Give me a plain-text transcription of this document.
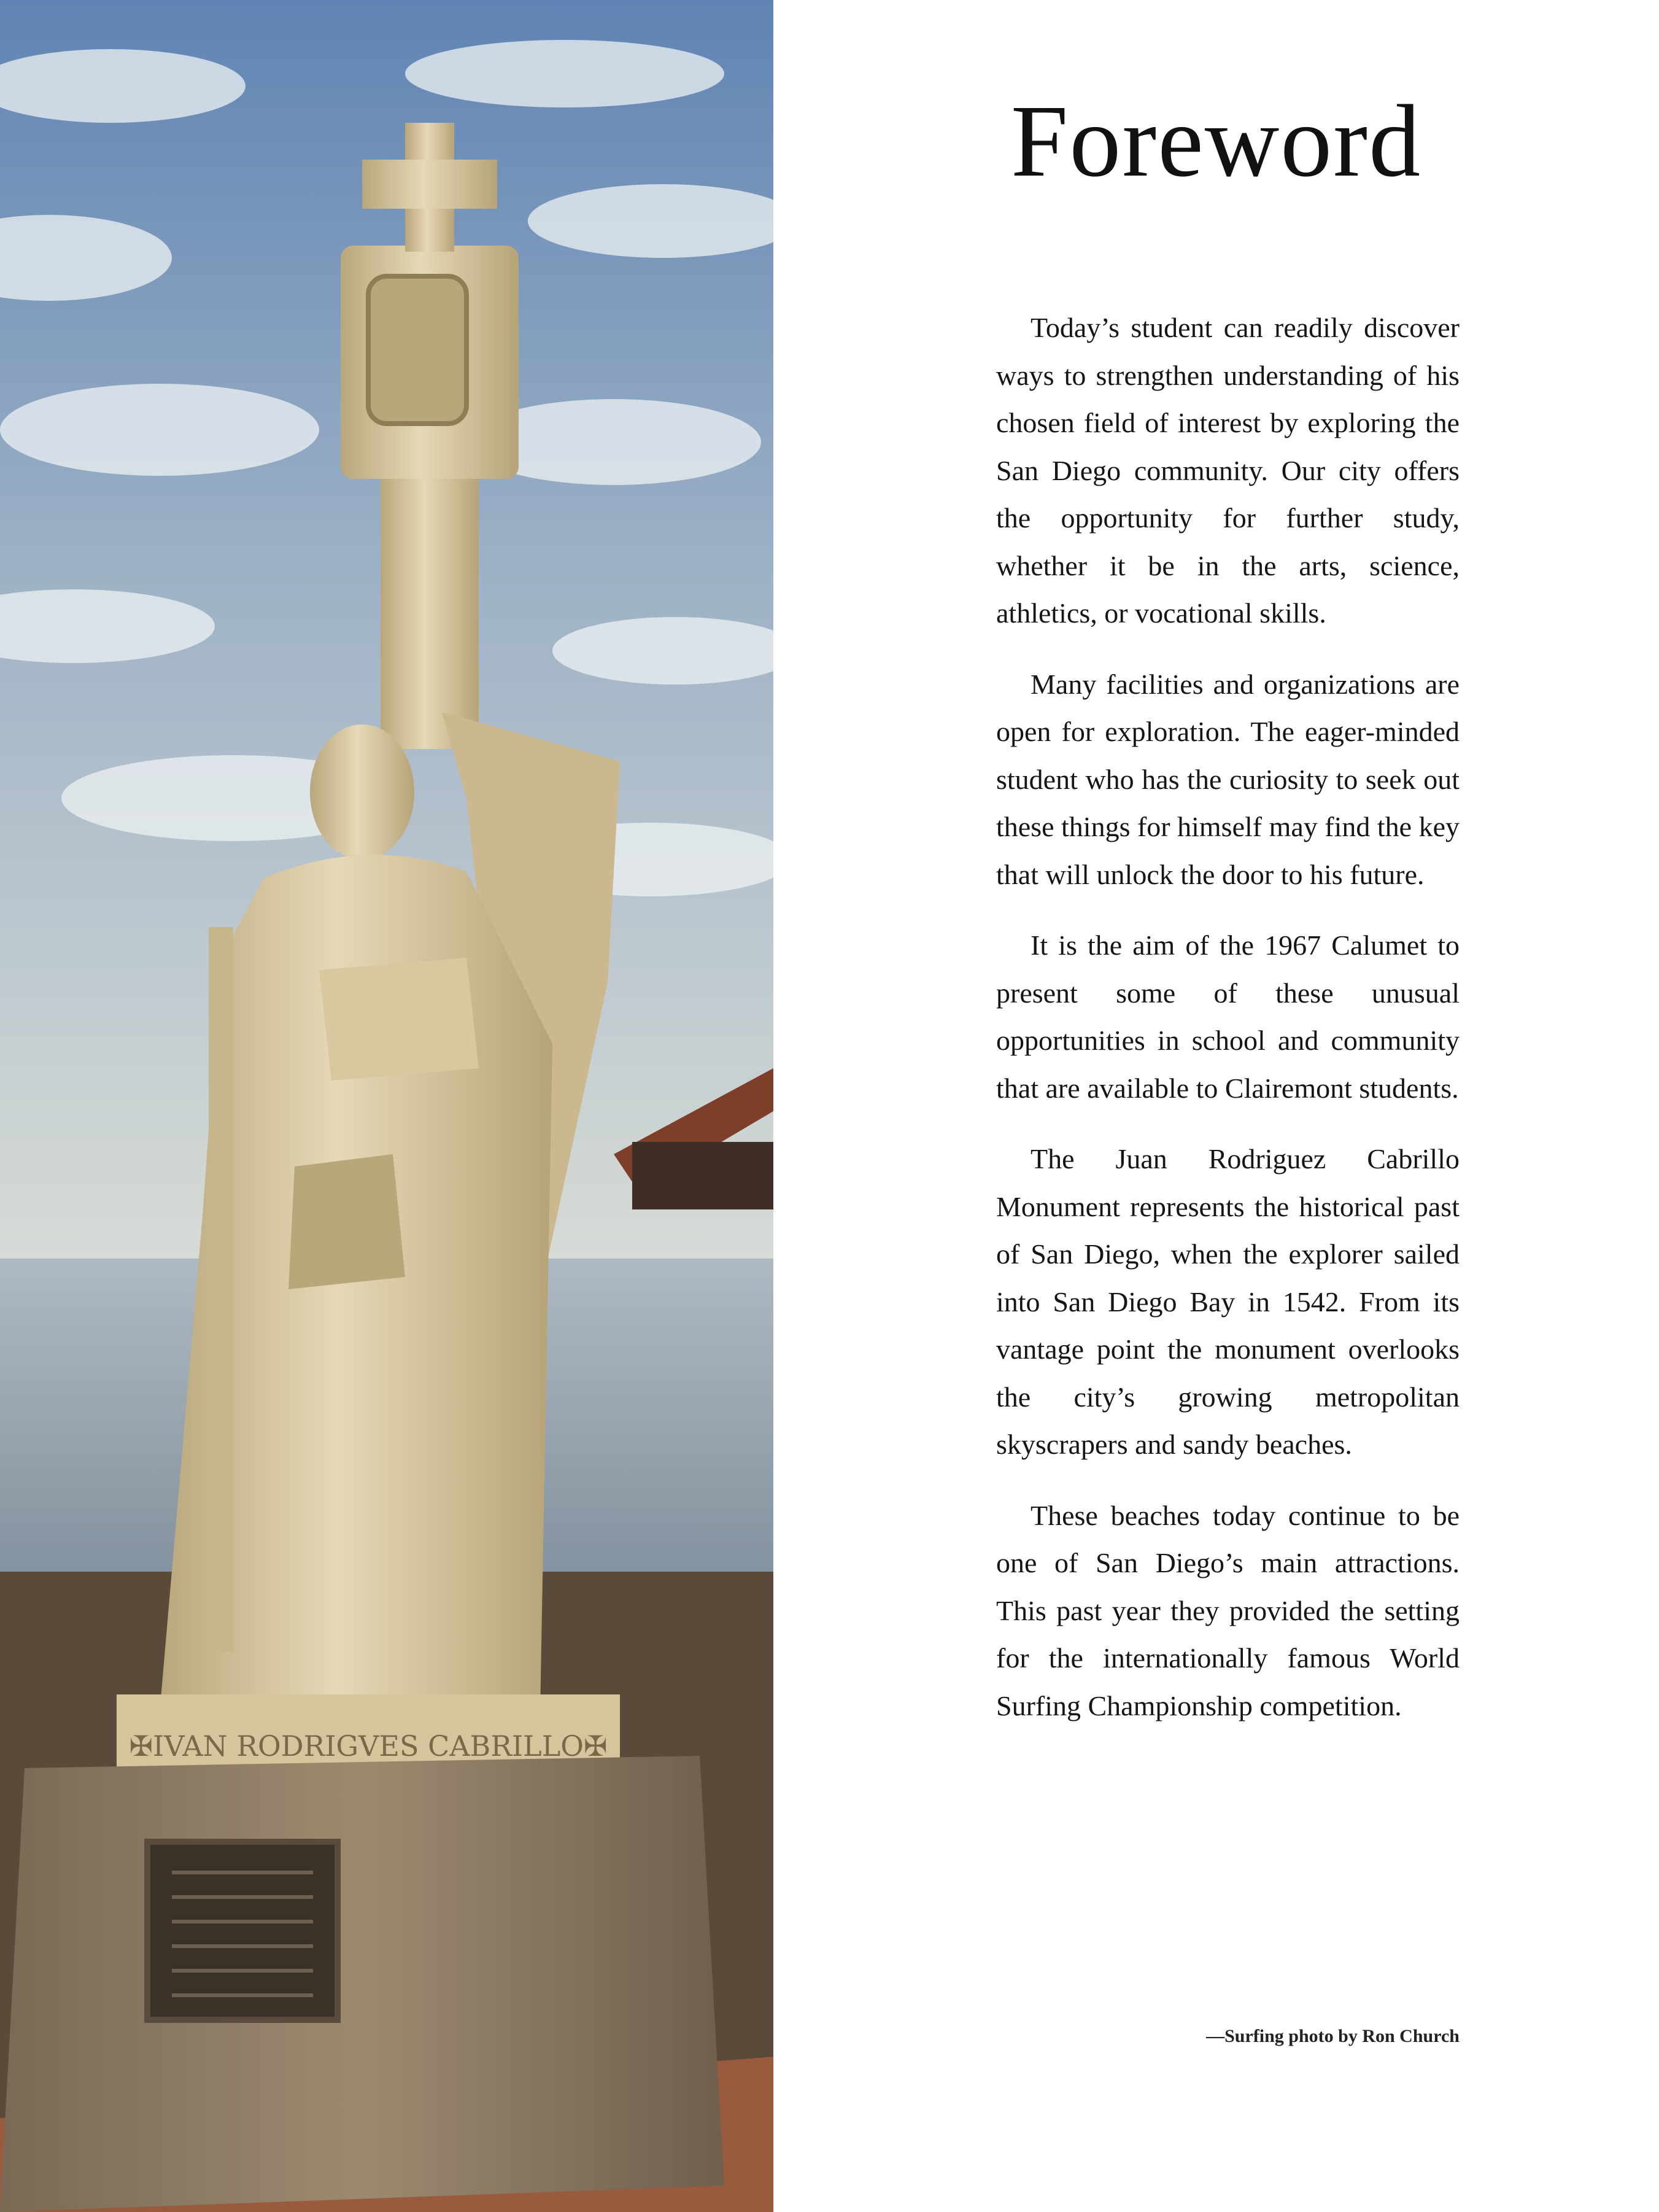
✠IVAN RODRIGVES CABRILLO✠
Foreword

Today’s student can readily discover ways to strengthen understanding of his chosen field of interest by exploring the San Diego community. Our city offers the opportunity for further study, whether it be in the arts, science, athletics, or vocational skills.

Many facilities and organizations are open for exploration. The eager-minded student who has the curiosity to seek out these things for himself may find the key that will unlock the door to his future.

It is the aim of the 1967 Calumet to present some of these unusual opportunities in school and community that are available to Clairemont students.

The Juan Rodriguez Cabrillo Monument represents the historical past of San Diego, when the explorer sailed into San Diego Bay in 1542. From its vantage point the monument overlooks the city’s growing metropolitan skyscrapers and sandy beaches.

These beaches today continue to be one of San Diego’s main attractions. This past year they provided the setting for the internationally famous World Surfing Championship competition.

—Surfing photo by Ron Church
